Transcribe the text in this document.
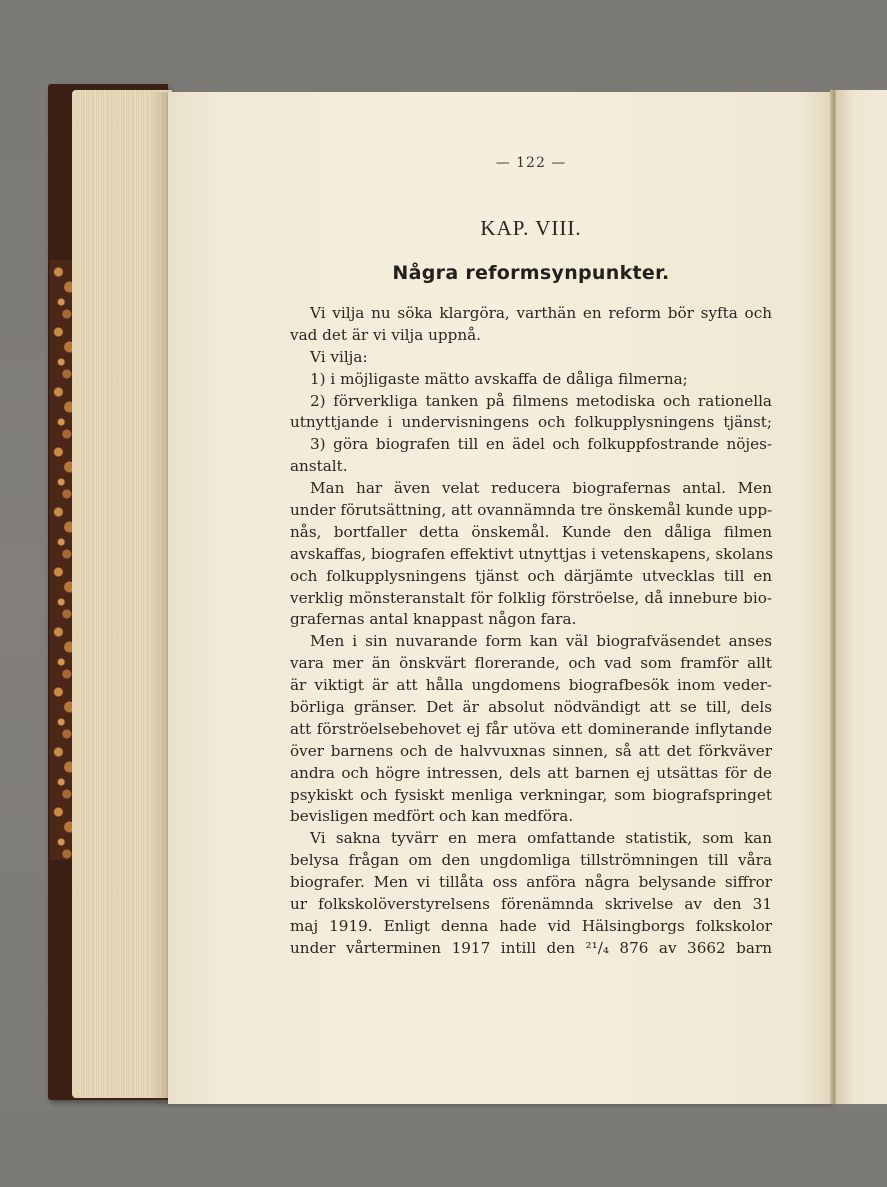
— 122 —
KAP. VIII.
Några reformsynpunkter.
Vi vilja nu söka klargöra, varthän en reform bör syfta och
vad det är vi vilja uppnå.
Vi vilja:
1) i möjligaste mätto avskaffa de dåliga filmerna;
2) förverkliga tanken på filmens metodiska och rationella
utnyttjande i undervisningens och folkupplysningens tjänst;
3) göra biografen till en ädel och folkuppfostrande nöjes-
anstalt.
Man har även velat reducera biografernas antal. Men
under förutsättning, att ovannämnda tre önskemål kunde upp-
nås, bortfaller detta önskemål. Kunde den dåliga filmen
avskaffas, biografen effektivt utnyttjas i vetenskapens, skolans
och folkupplysningens tjänst och därjämte utvecklas till en
verklig mönsteranstalt för folklig förströelse, då innebure bio-
grafernas antal knappast någon fara.
Men i sin nuvarande form kan väl biografväsendet anses
vara mer än önskvärt florerande, och vad som framför allt
är viktigt är att hålla ungdomens biografbesök inom veder-
börliga gränser. Det är absolut nödvändigt att se till, dels
att förströelsebehovet ej får utöva ett dominerande inflytande
över barnens och de halvvuxnas sinnen, så att det förkväver
andra och högre intressen, dels att barnen ej utsättas för de
psykiskt och fysiskt menliga verkningar, som biografspringet
bevisligen medfört och kan medföra.
Vi sakna tyvärr en mera omfattande statistik, som kan
belysa frågan om den ungdomliga tillströmningen till våra
biografer. Men vi tillåta oss anföra några belysande siffror
ur folkskolöverstyrelsens förenämnda skrivelse av den 31
maj 1919. Enligt denna hade vid Hälsingborgs folkskolor
under vårterminen 1917 intill den ²¹/₄ 876 av 3662 barn
